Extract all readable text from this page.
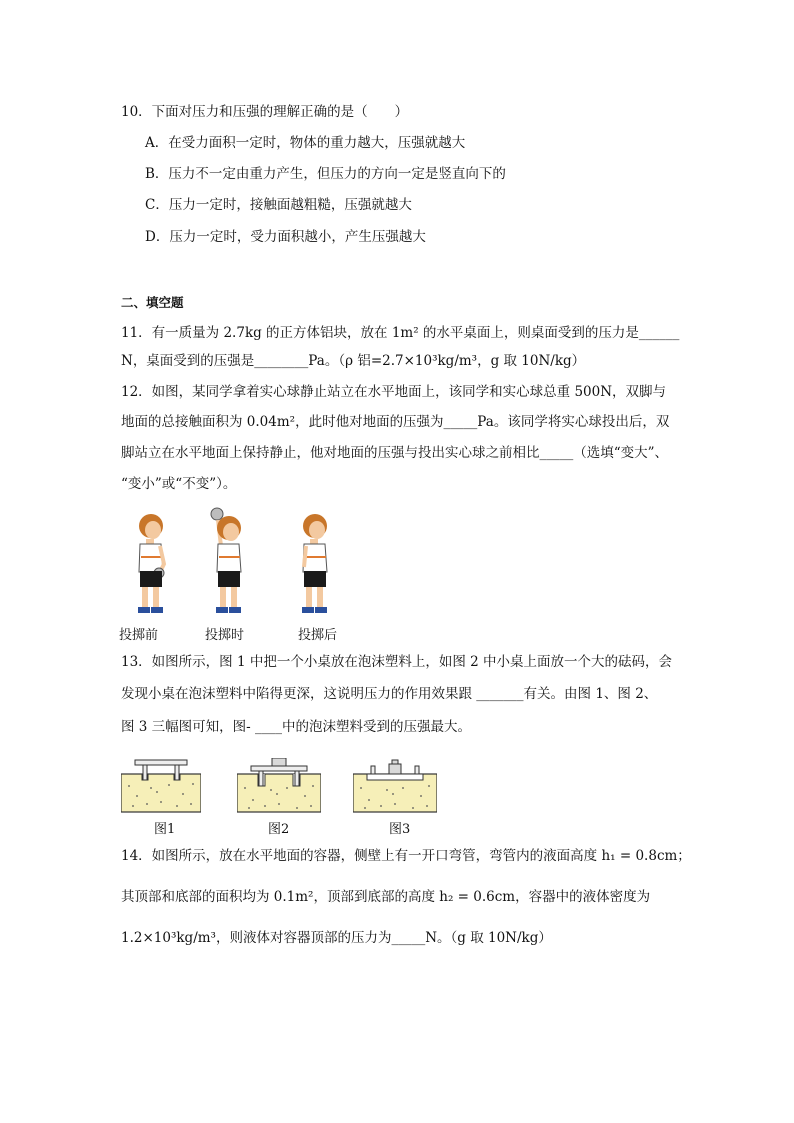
10．下面对压力和压强的理解正确的是（　　）
A．在受力面积一定时，物体的重力越大，压强就越大
B．压力不一定由重力产生，但压力的方向一定是竖直向下的
C．压力一定时，接触面越粗糙，压强就越大
D．压力一定时，受力面积越小，产生压强越大
二、填空题
11．有一质量为 2.7kg 的正方体铝块，放在 1m² 的水平桌面上，则桌面受到的压力是______
N，桌面受到的压强是________Pa。（ρ 铝=2.7×10³kg/m³，g 取 10N/kg）
12．如图，某同学拿着实心球静止站立在水平地面上，该同学和实心球总重 500N，双脚与
地面的总接触面积为 0.04m²，此时他对地面的压强为_____Pa。该同学将实心球投出后，双
脚站立在水平地面上保持静止，他对地面的压强与投出实心球之前相比_____（选填“变大”、
“变小”或“不变”）。
投掷前	投掷时	投掷后
13．如图所示，图 1 中把一个小桌放在泡沫塑料上，如图 2 中小桌上面放一个大的砝码，会
发现小桌在泡沫塑料中陷得更深，这说明压力的作用效果跟 _______有关。由图 1、图 2、
图 3 三幅图可知，图- ____中的泡沫塑料受到的压强最大。
图1	图2	图3
14．如图所示，放在水平地面的容器，侧壁上有一开口弯管，弯管内的液面高度 h₁ = 0.8cm；
其顶部和底部的面积均为 0.1m²，顶部到底部的高度 h₂ = 0.6cm，容器中的液体密度为
1.2×10³kg/m³，则液体对容器顶部的压力为_____N。（g 取 10N/kg）
